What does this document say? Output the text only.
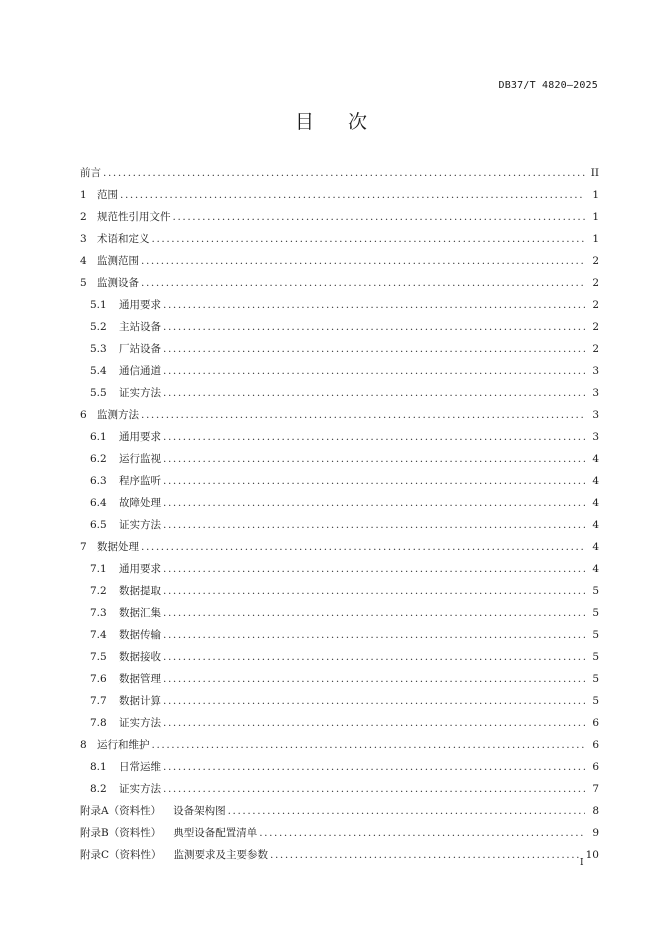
DB37/T 4820—2025
目次
前言 .....	II
1 范围 .....	1
2 规范性引用文件 .....	1
3 术语和定义 .....	1
4 监测范围 .....	2
5 监测设备 .....	2
5.1	通用要求 .....	2
5.2	主站设备 .....	2
5.3	厂站设备 .....	2
5.4	通信通道 .....	3
5.5	证实方法 .....	3
6 监测方法 .....	3
6.1	通用要求 .....	3
6.2	运行监视 .....	4
6.3	程序监听 .....	4
6.4	故障处理 .....	4
6.5	证实方法 .....	4
7 数据处理 .....	4
7.1	通用要求 .....	4
7.2	数据提取 .....	5
7.3	数据汇集 .....	5
7.4	数据传输 .....	5
7.5	数据接收 .....	5
7.6	数据管理 .....	5
7.7	数据计算 .....	5
7.8	证实方法 .....	6
8 运行和维护 .....	6
8.1	日常运维 .....	6
8.2	证实方法 .....	7
附录A（资料性） 设备架构图 .....	8
附录B（资料性） 典型设备配置清单 .....	9
附录C（资料性） 监测要求及主要参数 .....	10
I
